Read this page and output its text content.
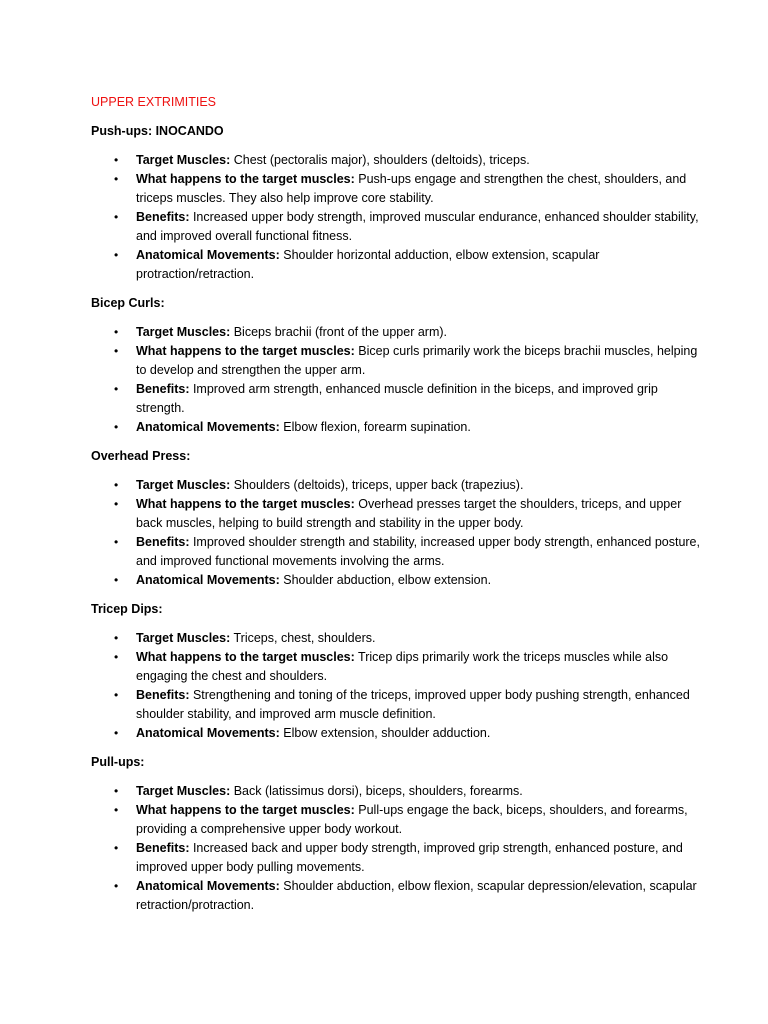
UPPER EXTRIMITIES
Push-ups: INOCANDO
• Target Muscles: Chest (pectoralis major), shoulders (deltoids), triceps.
• What happens to the target muscles: Push-ups engage and strengthen the chest, shoulders, and triceps muscles. They also help improve core stability.
• Benefits: Increased upper body strength, improved muscular endurance, enhanced shoulder stability, and improved overall functional fitness.
• Anatomical Movements: Shoulder horizontal adduction, elbow extension, scapular protraction/retraction.
Bicep Curls:
• Target Muscles: Biceps brachii (front of the upper arm).
• What happens to the target muscles: Bicep curls primarily work the biceps brachii muscles, helping to develop and strengthen the upper arm.
• Benefits: Improved arm strength, enhanced muscle definition in the biceps, and improved grip strength.
• Anatomical Movements: Elbow flexion, forearm supination.
Overhead Press:
• Target Muscles: Shoulders (deltoids), triceps, upper back (trapezius).
• What happens to the target muscles: Overhead presses target the shoulders, triceps, and upper back muscles, helping to build strength and stability in the upper body.
• Benefits: Improved shoulder strength and stability, increased upper body strength, enhanced posture, and improved functional movements involving the arms.
• Anatomical Movements: Shoulder abduction, elbow extension.
Tricep Dips:
• Target Muscles: Triceps, chest, shoulders.
• What happens to the target muscles: Tricep dips primarily work the triceps muscles while also engaging the chest and shoulders.
• Benefits: Strengthening and toning of the triceps, improved upper body pushing strength, enhanced shoulder stability, and improved arm muscle definition.
• Anatomical Movements: Elbow extension, shoulder adduction.
Pull-ups:
• Target Muscles: Back (latissimus dorsi), biceps, shoulders, forearms.
• What happens to the target muscles: Pull-ups engage the back, biceps, shoulders, and forearms, providing a comprehensive upper body workout.
• Benefits: Increased back and upper body strength, improved grip strength, enhanced posture, and improved upper body pulling movements.
• Anatomical Movements: Shoulder abduction, elbow flexion, scapular depression/elevation, scapular retraction/protraction.
